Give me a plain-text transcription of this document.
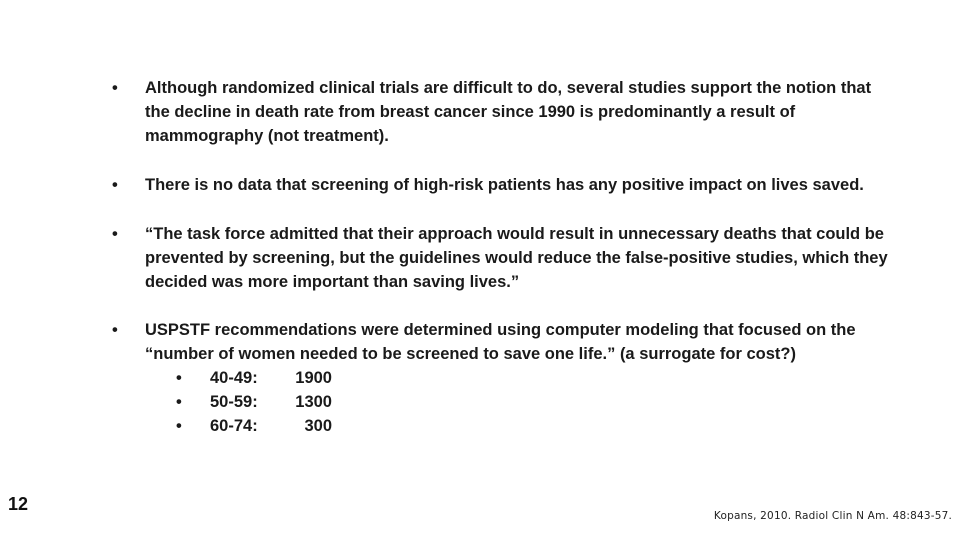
• Although randomized clinical trials are difficult to do, several studies support the notion that the decline in death rate from breast cancer since 1990 is predominantly a result of mammography (not treatment).
• There is no data that screening of high-risk patients has any positive impact on lives saved.
• “The task force admitted that their approach would result in unnecessary deaths that could be prevented by screening, but the guidelines would reduce the false-positive studies, which they decided was more important than saving lives.”
• USPSTF recommendations were determined using computer modeling that focused on the “number of women needed to be screened to save one life.” (a surrogate for cost?)
• 40-49: 1900
• 50-59: 1300
• 60-74:	300
12
Kopans, 2010. Radiol Clin N Am. 48:843-57.
